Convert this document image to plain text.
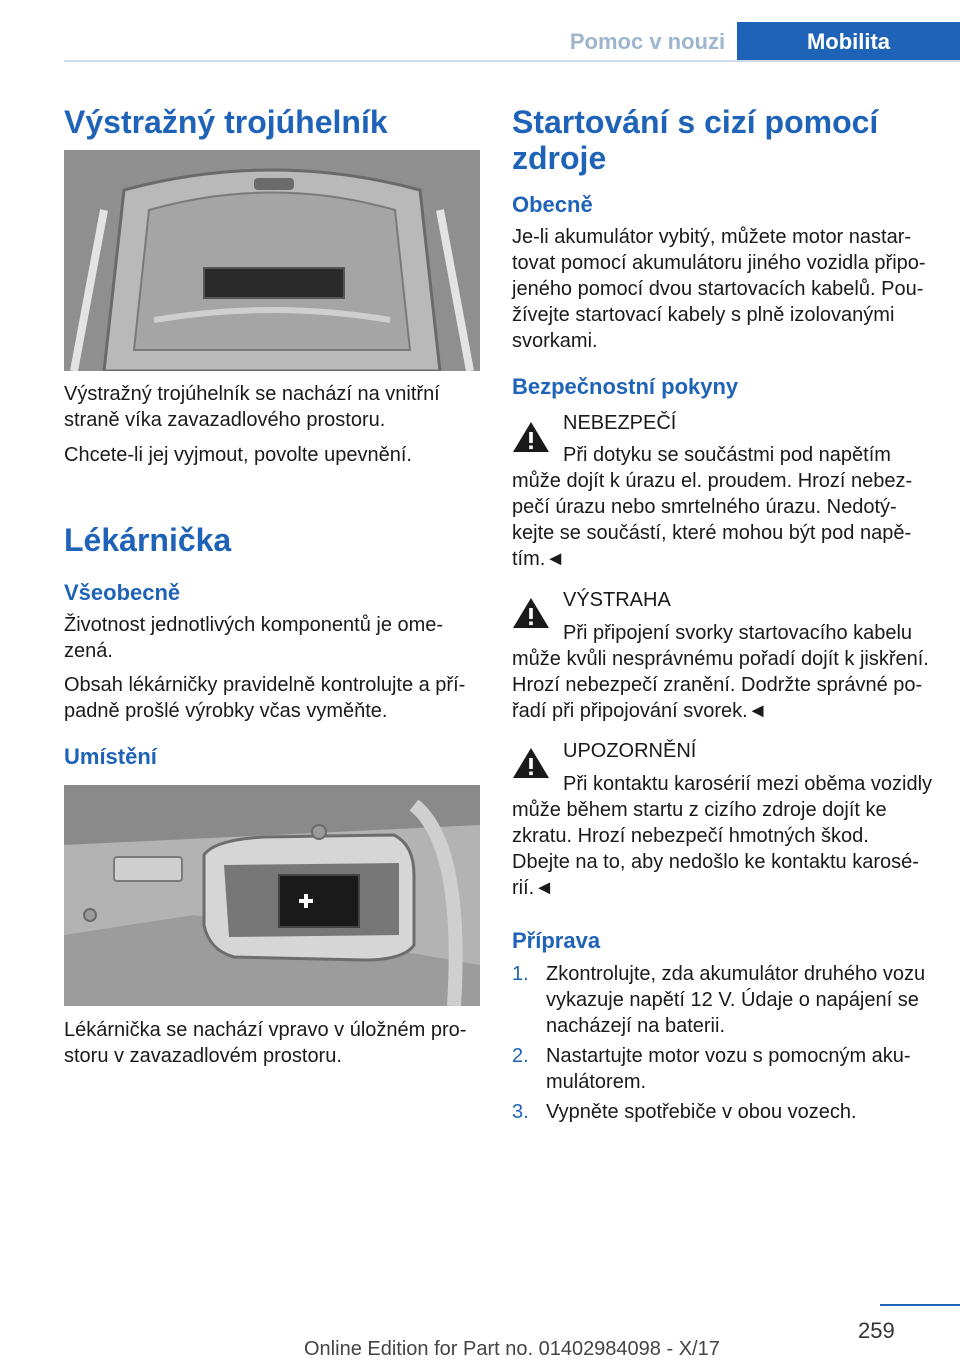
Pomoc v nouzi	Mobilita
Výstražný trojúhelník

Výstražný trojúhelník se nachází na vnitřní

straně víka zavazadlového prostoru.

Chcete-li jej vyjmout, povolte upevnění.

Lékárnička
Všeobecně

Životnost jednotlivých komponentů je ome-

zená.

Obsah lékárničky pravidelně kontrolujte a pří-

padně prošlé výrobky včas vyměňte.

Umístění

Lékárnička se nachází vpravo v úložném pro-

storu v zavazadlovém prostoru.

Startování s cizí pomocí
zdroje
Obecně

Je-li akumulátor vybitý, můžete motor nastar-

tovat pomocí akumulátoru jiného vozidla připo-

jeného pomocí dvou startovacích kabelů. Pou-

žívejte startovací kabely s plně izolovanými

svorkami.

Bezpečnostní pokyny
NEBEZPEČÍ

Při dotyku se součástmi pod napětím

může dojít k úrazu el. proudem. Hrozí nebez-

pečí úrazu nebo smrtelného úrazu. Nedotý-

kejte se součástí, které mohou být pod napě-

tím.◄

VÝSTRAHA

Při připojení svorky startovacího kabelu

může kvůli nesprávnému pořadí dojít k jiskření.

Hrozí nebezpečí zranění. Dodržte správné po-

řadí při připojování svorek.◄

UPOZORNĚNÍ

Při kontaktu karosérií mezi oběma vozidly

může během startu z cizího zdroje dojít ke

zkratu. Hrozí nebezpečí hmotných škod.

Dbejte na to, aby nedošlo ke kontaktu karosé-

rií.◄

Příprava
1. Zkontrolujte, zda akumulátor druhého vozu
vykazuje napětí 12 V. Údaje o napájení se
nacházejí na baterii.
2. Nastartujte motor vozu s pomocným aku-
mulátorem.
3. Vypněte spotřebiče v obou vozech.
259
Online Edition for Part no. 01402984098 - X/17
